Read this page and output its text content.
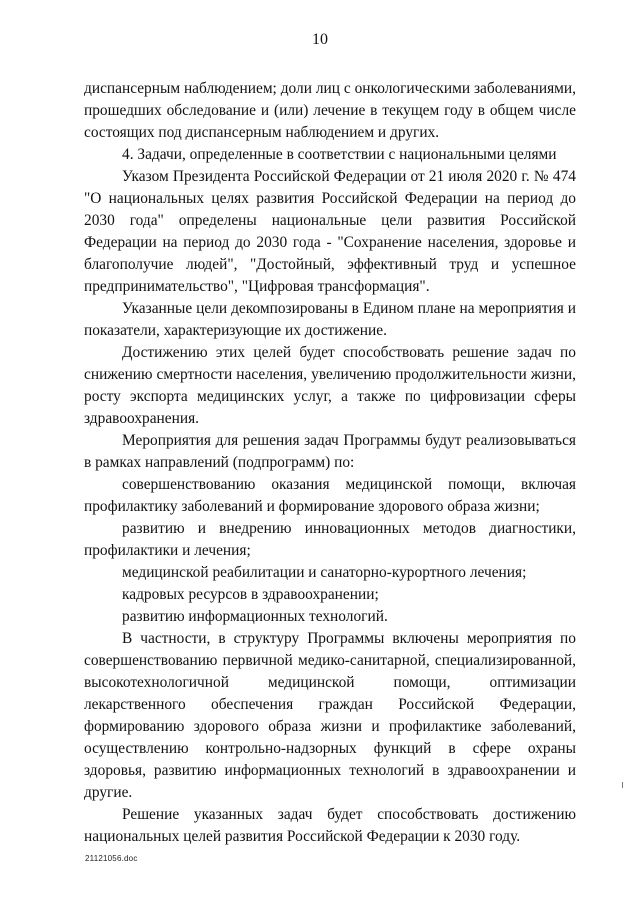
10

диспансерным наблюдением; доли лиц с онкологическими заболеваниями, прошедших обследование и (или) лечение в текущем году в общем числе состоящих под диспансерным наблюдением и других.

4. Задачи, определенные в соответствии с национальными целями

Указом Президента Российской Федерации от 21 июля 2020 г. № 474 "О национальных целях развития Российской Федерации на период до 2030 года" определены национальные цели развития Российской Федерации на период до 2030 года - "Сохранение населения, здоровье и благополучие людей", "Достойный, эффективный труд и успешное предпринимательство", "Цифровая трансформация".

Указанные цели декомпозированы в Едином плане на мероприятия и показатели, характеризующие их достижение.

Достижению этих целей будет способствовать решение задач по снижению смертности населения, увеличению продолжительности жизни, росту экспорта медицинских услуг, а также по цифровизации сферы здравоохранения.

Мероприятия для решения задач Программы будут реализовываться в рамках направлений (подпрограмм) по:

совершенствованию оказания медицинской помощи, включая профилактику заболеваний и формирование здорового образа жизни;

развитию и внедрению инновационных методов диагностики, профилактики и лечения;

медицинской реабилитации и санаторно-курортного лечения;

кадровых ресурсов в здравоохранении;

развитию информационных технологий.

В частности, в структуру Программы включены мероприятия по совершенствованию первичной медико-санитарной, специализированной, высокотехнологичной медицинской помощи, оптимизации лекарственного обеспечения граждан Российской Федерации, формированию здорового образа жизни и профилактике заболеваний, осуществлению контрольно-надзорных функций в сфере охраны здоровья, развитию информационных технологий в здравоохранении и другие.

Решение указанных задач будет способствовать достижению национальных целей развития Российской Федерации к 2030 году.

21121056.doc
